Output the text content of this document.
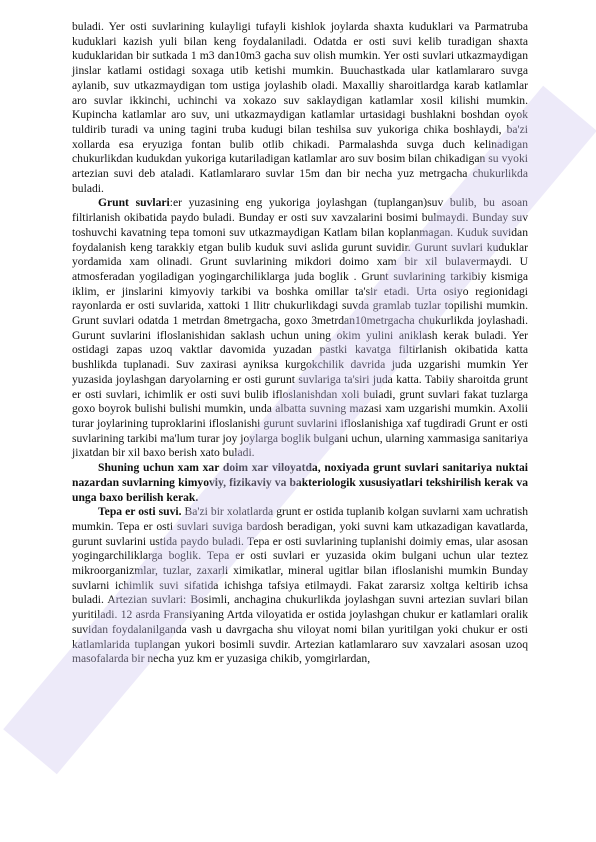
buladi. Yer osti suvlarining kulayligi tufayli kishlok joylarda shaxta kuduklari va Parmatruba kuduklari kazish yuli bilan keng foydalaniladi. Odatda er osti suvi kelib turadigan shaxta kuduklaridan bir sutkada 1 m3 dan10m3 gacha suv olish mumkin. Yer osti suvlari utkazmaydigan jinslar katlami ostidagi soxaga utib ketishi mumkin. Buuchastkada ular katlamlararo suvga aylanib, suv utkazmaydigan tom ustiga joylashib oladi. Maxalliy sharoitlardga karab katlamlar aro suvlar ikkinchi, uchinchi va xokazo suv saklaydigan katlamlar xosil kilishi mumkin. Kupincha katlamlar aro suv, uni utkazmaydigan katlamlar urtasidagi bushlakni boshdan oyok tuldirib turadi va uning tagini truba kudugi bilan teshilsa suv yukoriga chika boshlaydi, ba'zi xollarda esa eryuziga fontan bulib otlib chikadi. Parmalashda suvga duch kelinadigan chukurlikdan kudukdan yukoriga kutariladigan katlamlar aro suv bosim bilan chikadigan su vyoki artezian suvi deb ataladi. Katlamlararo suvlar 15m dan bir necha yuz metrgacha chukurlikda buladi.

Grunt suvlari:er yuzasining eng yukoriga joylashgan (tuplangan)suv bulib, bu asoan filtirlanish okibatida paydo buladi. Bunday er osti suv xavzalarini bosimi bulmaydi. Bunday suv toshuvchi kavatning tepa tomoni suv utkazmaydigan Katlam bilan koplanmagan. Kuduk suvidan foydalanish keng tarakkiy etgan bulib kuduk suvi aslida gurunt suvidir. Gurunt suvlari kuduklar yordamida xam olinadi. Grunt suvlarining mikdori doimo xam bir xil bulavermaydi. U atmosferadan yogiladigan yogingarchiliklarga juda boglik . Grunt suvlarining tarkibiy kismiga iklim, er jinslarini kimyoviy tarkibi va boshka omillar ta'sir etadi. Urta osiyo regionidagi rayonlarda er osti suvlarida, xattoki 1 llitr chukurlikdagi suvda gramlab tuzlar topilishi mumkin. Grunt suvlari odatda 1 metrdan 8metrgacha, goxo 3metrdan10metrgacha chukurlikda joylashadi. Gurunt suvlarini ifloslanishidan saklash uchun uning okim yulini aniklash kerak buladi. Yer ostidagi zapas uzoq vaktlar davomida yuzadan pastki kavatga filtirlanish okibatida katta bushlikda tuplanadi. Suv zaxirasi ayniksa kurgokchilik davrida juda uzgarishi mumkin Yer yuzasida joylashgan daryolarning er osti gurunt suvlariga ta'siri juda katta. Tabiiy sharoitda grunt er osti suvlari, ichimlik er osti suvi bulib ifloslanishdan xoli buladi, grunt suvlari fakat tuzlarga goxo boyrok bulishi bulishi mumkin, unda albatta suvning mazasi xam uzgarishi mumkin. Axolii turar joylarining tuproklarini ifloslanishi gurunt suvlarini ifloslanishiga xaf tugdiradi Grunt er osti suvlarining tarkibi ma'lum turar joy joylarga boglik bulgani uchun, ularning xammasiga sanitariya jixatdan bir xil baxo berish xato buladi.

Shuning uchun xam xar doim xar viloyatda, noxiyada grunt suvlari sanitariya nuktai nazardan suvlarning kimyoviy, fizikaviy va bakteriologik xususiyatlari tekshirilish kerak va unga baxo berilish kerak.

Tepa er osti suvi. Ba'zi bir xolatlarda grunt er ostida tuplanib kolgan suvlarni xam uchratish mumkin. Tepa er osti suvlari suviga bardosh beradigan, yoki suvni kam utkazadigan kavatlarda, gurunt suvlarini ustida paydo buladi. Tepa er osti suvlarining tuplanishi doimiy emas, ular asosan yogingarchiliklarga boglik. Tepa er osti suvlari er yuzasida okim bulgani uchun ular teztez mikroorganizmlar, tuzlar, zaxarli ximikatlar, mineral ugitlar bilan ifloslanishi mumkin Bunday suvlarni ichimlik suvi sifatida ichishga tafsiya etilmaydi. Fakat zararsiz xoltga keltirib ichsa buladi. Artezian suvlari: Bosimli, anchagina chukurlikda joylashgan suvni artezian suvlari bilan yuritiladi. 12 asrda Fransiyaning Artda viloyatida er ostida joylashgan chukur er katlamlari oralik suvidan foydalanilganda vash u davrgacha shu viloyat nomi bilan yuritilgan yoki chukur er osti katlamlarida tuplangan yukori bosimli suvdir. Artezian katlamlararo suv xavzalari asosan uzoq masofalarda bir necha yuz km er yuzasiga chikib, yomgirlardan,
